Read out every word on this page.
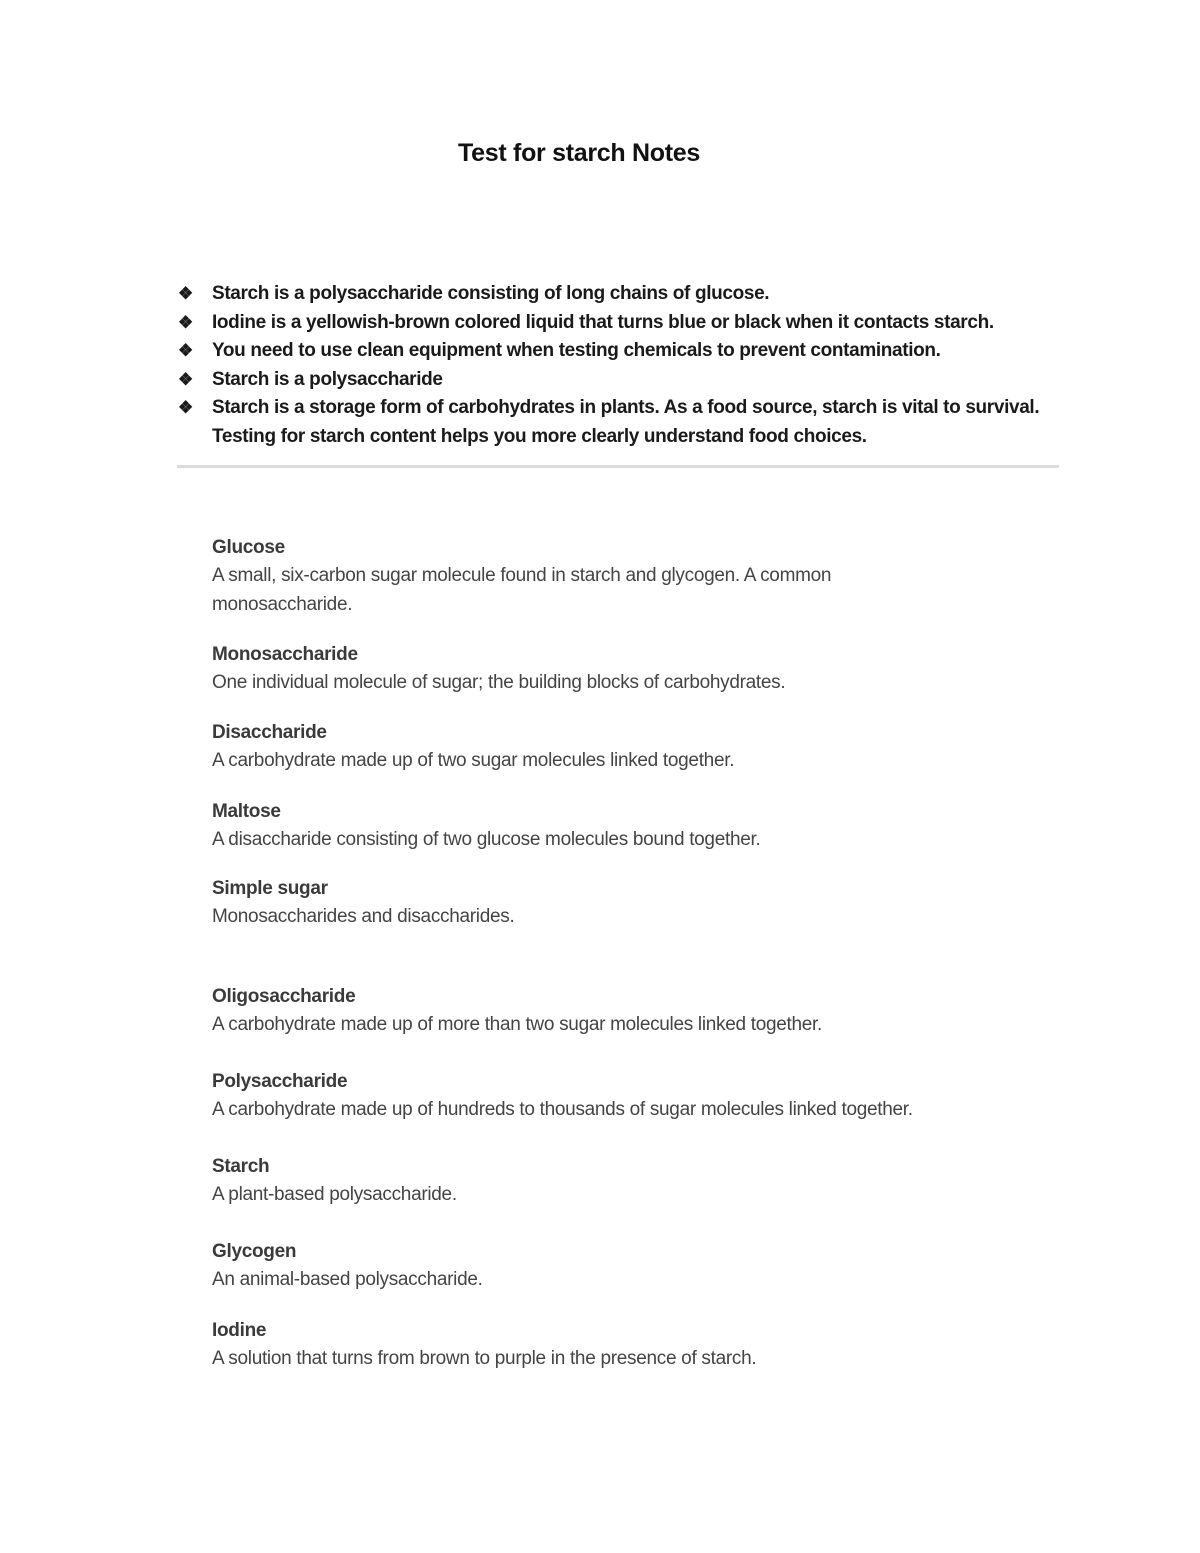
Test for starch Notes
❖ Starch is a polysaccharide consisting of long chains of glucose.
❖ Iodine is a yellowish-brown colored liquid that turns blue or black when it contacts starch.
❖ You need to use clean equipment when testing chemicals to prevent contamination.
❖ Starch is a polysaccharide
❖ Starch is a storage form of carbohydrates in plants. As a food source, starch is vital to survival. Testing for starch content helps you more clearly understand food choices.
Glucose
A small, six-carbon sugar molecule found in starch and glycogen. A common monosaccharide.
Monosaccharide
One individual molecule of sugar; the building blocks of carbohydrates.
Disaccharide
A carbohydrate made up of two sugar molecules linked together.
Maltose
A disaccharide consisting of two glucose molecules bound together.
Simple sugar
Monosaccharides and disaccharides.
Oligosaccharide
A carbohydrate made up of more than two sugar molecules linked together.
Polysaccharide
A carbohydrate made up of hundreds to thousands of sugar molecules linked together.
Starch
A plant-based polysaccharide.
Glycogen
An animal-based polysaccharide.
Iodine
A solution that turns from brown to purple in the presence of starch.
